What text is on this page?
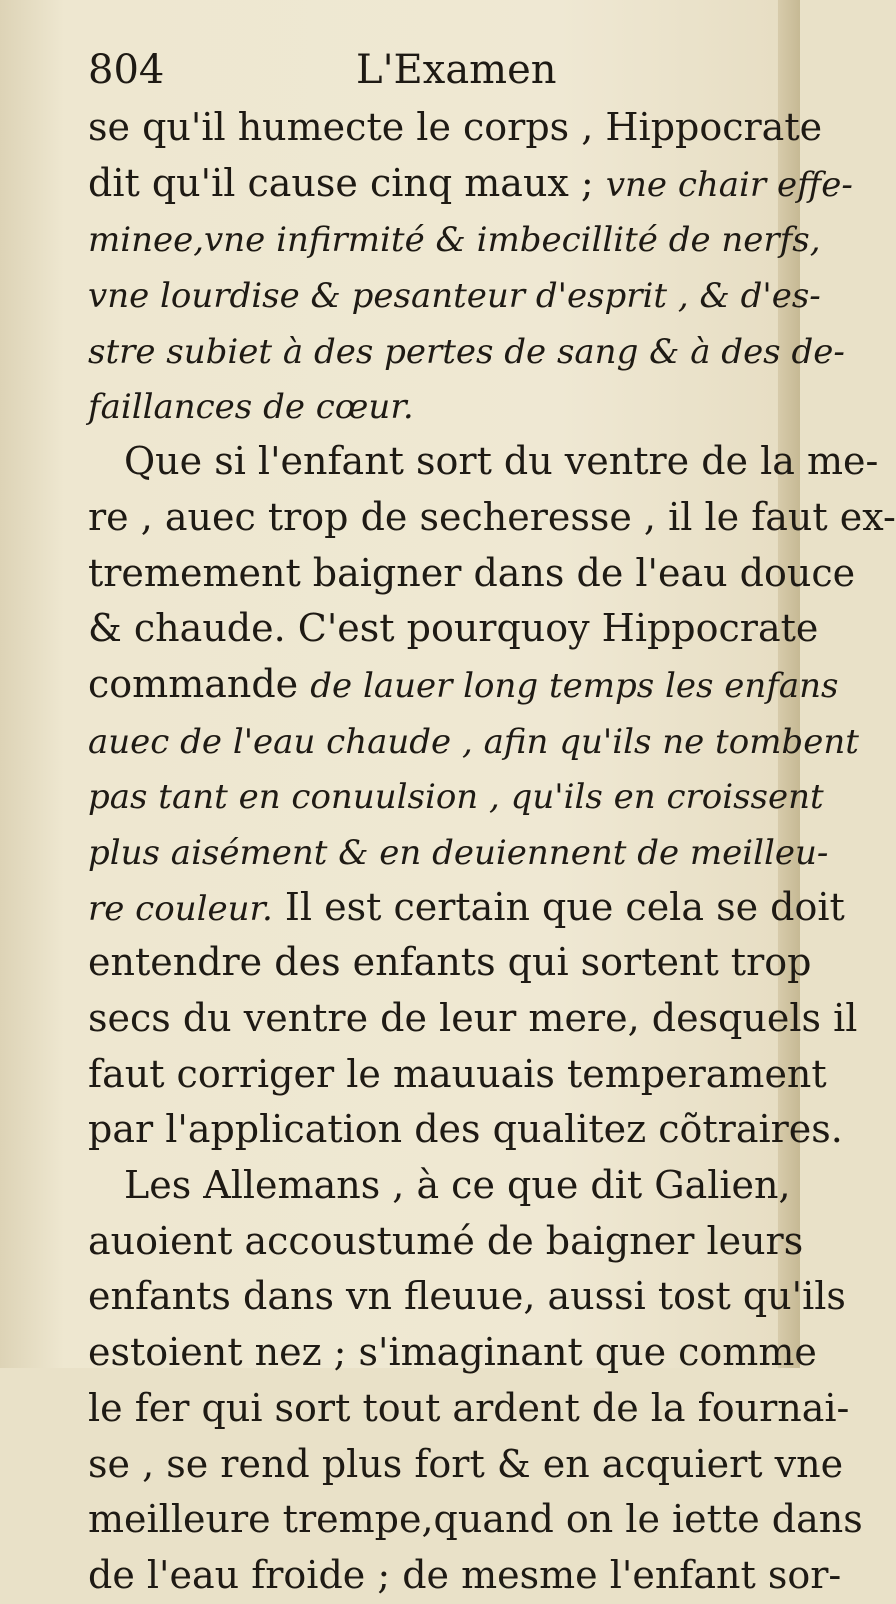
804	L'Examen
se qu'il humecte le corps , Hippocrate
dit qu'il cause cinq maux ; vne chair effe-
minee,vne infirmité & imbecillité de nerfs,
vne lourdise & pesanteur d'esprit , & d'es-
stre subiet à des pertes de sang & à des de-
faillances de cœur.
Que si l'enfant sort du ventre de la me-
re , auec trop de secheresse , il le faut ex-
tremement baigner dans de l'eau douce
& chaude. C'est pourquoy Hippocrate
commande de lauer long temps les enfans
auec de l'eau chaude , afin qu'ils ne tombent
pas tant en conuulsion , qu'ils en croissent
plus aisément & en deuiennent de meilleu-
re couleur. Il est certain que cela se doit
entendre des enfants qui sortent trop
secs du ventre de leur mere, desquels il
faut corriger le mauuais temperament
par l'application des qualitez cõtraires.
Les Allemans , à ce que dit Galien,
auoient accoustumé de baigner leurs
enfants dans vn fleuue, aussi tost qu'ils
estoient nez ; s'imaginant que comme
le fer qui sort tout ardent de la fournai-
se , se rend plus fort & en acquiert vne
meilleure trempe,quand on le iette dans
de l'eau froide ; de mesme l'enfant sor-
